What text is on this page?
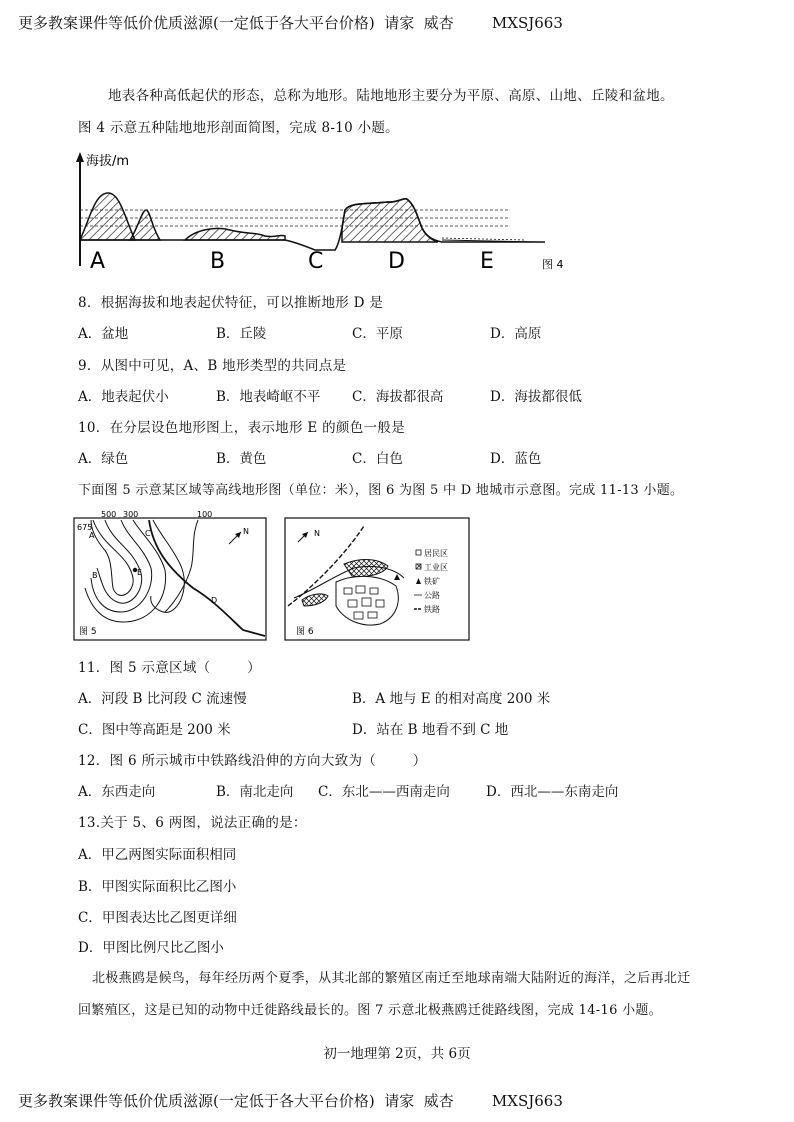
更多教案课件等低价优质滋源(一定低于各大平台价格)  请家  威杏        MXSJ663
地表各种高低起伏的形态，总称为地形。陆地地形主要分为平原、高原、山地、丘陵和盆地。
图 4 示意五种陆地地形剖面简图，完成 8-10 小题。
海拔/m
A	B	C	D	E	图 4
8．根据海拔和地表起伏特征，可以推断地形 D 是
A．盆地	B．丘陵	C．平原	D．高原
9．从图中可见，A、B 地形类型的共同点是
A．地表起伏小	B．地表崎岖不平 C．海拔都很高	D．海拔都很低
10．在分层设色地形图上，表示地形 E 的颜色一般是
A．绿色	B．黄色	C．白色	D．蓝色
下面图 5 示意某区域等高线地形图（单位：米），图 6 为图 5 中 D 地城市示意图。完成 11-13 小题。
500 300	100
675
A	C
E
B
D
N
图 5
N
居民区
工业区
铁矿
公路
铁路
图 6
11．图 5 示意区域（        ）
A．河段 B 比河段 C 流速慢	B．A 地与 E 的相对高度 200 米
C．图中等高距是 200 米	D．站在 B 地看不到 C 地
12．图 6 所示城市中铁路线沿伸的方向大致为（        ）
A．东西走向	B．南北走向 C．东北——西南走向	D．西北——东南走向
13.关于 5、6 两图，说法正确的是：
A．甲乙两图实际面积相同
B．甲图实际面积比乙图小
C．甲图表达比乙图更详细
D．甲图比例尺比乙图小
北极燕鸥是候鸟，每年经历两个夏季，从其北部的繁殖区南迁至地球南端大陆附近的海洋，之后再北迁
回繁殖区，这是已知的动物中迁徙路线最长的。图 7 示意北极燕鸥迁徙路线图，完成 14-16 小题。
初一地理第 2页，共 6页
更多教案课件等低价优质滋源(一定低于各大平台价格)  请家  威杏        MXSJ663
